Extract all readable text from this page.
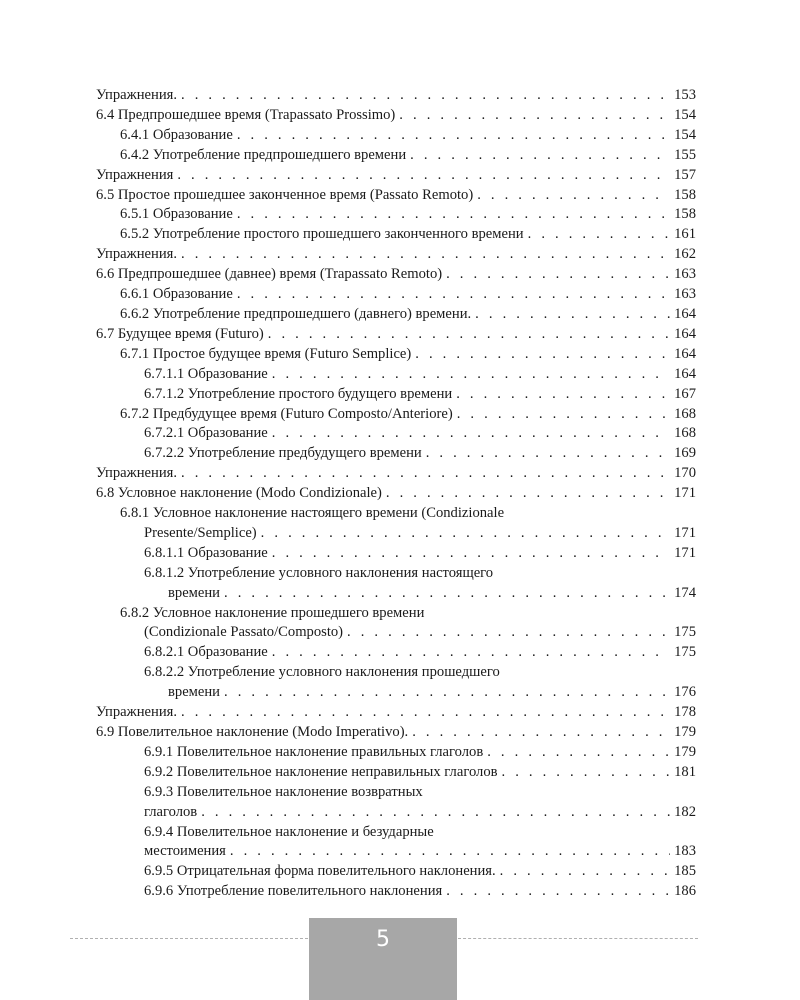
Упражнения. . . .	153
6.4 Предпрошедшее время (Trapassato Prossimo) . . .	154
6.4.1 Образование . . .	154
6.4.2 Употребление предпрошедшего времени . . .	155
Упражнения . . .	157
6.5 Простое прошедшее законченное время (Passato Remoto) . . .	158
6.5.1 Образование . . .	158
6.5.2 Употребление простого прошедшего законченного времени . . .	161
Упражнения. . . .	162
6.6 Предпрошедшее (давнее) время (Trapassato Remoto) . . .	163
6.6.1 Образование . . .	163
6.6.2 Употребление предпрошедшего (давнего) времени. . . .	164
6.7 Будущее время (Futuro) . . .	164
6.7.1 Простое будущее время (Futuro Semplice) . . .	164
6.7.1.1 Образование . . .	164
6.7.1.2 Употребление простого будущего времени . . .	167
6.7.2 Предбудущее время (Futuro Composto/Anteriore) . . .	168
6.7.2.1 Образование . . .	168
6.7.2.2 Употребление предбудущего времени . . .	169
Упражнения. . . .	170
6.8 Условное наклонение (Modo Condizionale) . . .	171
6.8.1 Условное наклонение настоящего времени (Condizionale
Presente/Semplice) . . .	171
6.8.1.1 Образование . . .	171
6.8.1.2 Употребление условного наклонения настоящего
времени . . .	174
6.8.2 Условное наклонение прошедшего времени
(Condizionale Passato/Composto) . . .	175
6.8.2.1 Образование . . .	175
6.8.2.2 Употребление условного наклонения прошедшего
времени . . .	176
Упражнения. . . .	178
6.9 Повелительное наклонение (Modo Imperativo). . . .	179
6.9.1 Повелительное наклонение правильных глаголов . . .	179
6.9.2 Повелительное наклонение неправильных глаголов . . .	181
6.9.3 Повелительное наклонение возвратных
глаголов . . .	182
6.9.4 Повелительное наклонение и безударные
местоимения . . .	183
6.9.5 Отрицательная форма повелительного наклонения. . . .	185
6.9.6 Употребление повелительного наклонения . . .	186
5
